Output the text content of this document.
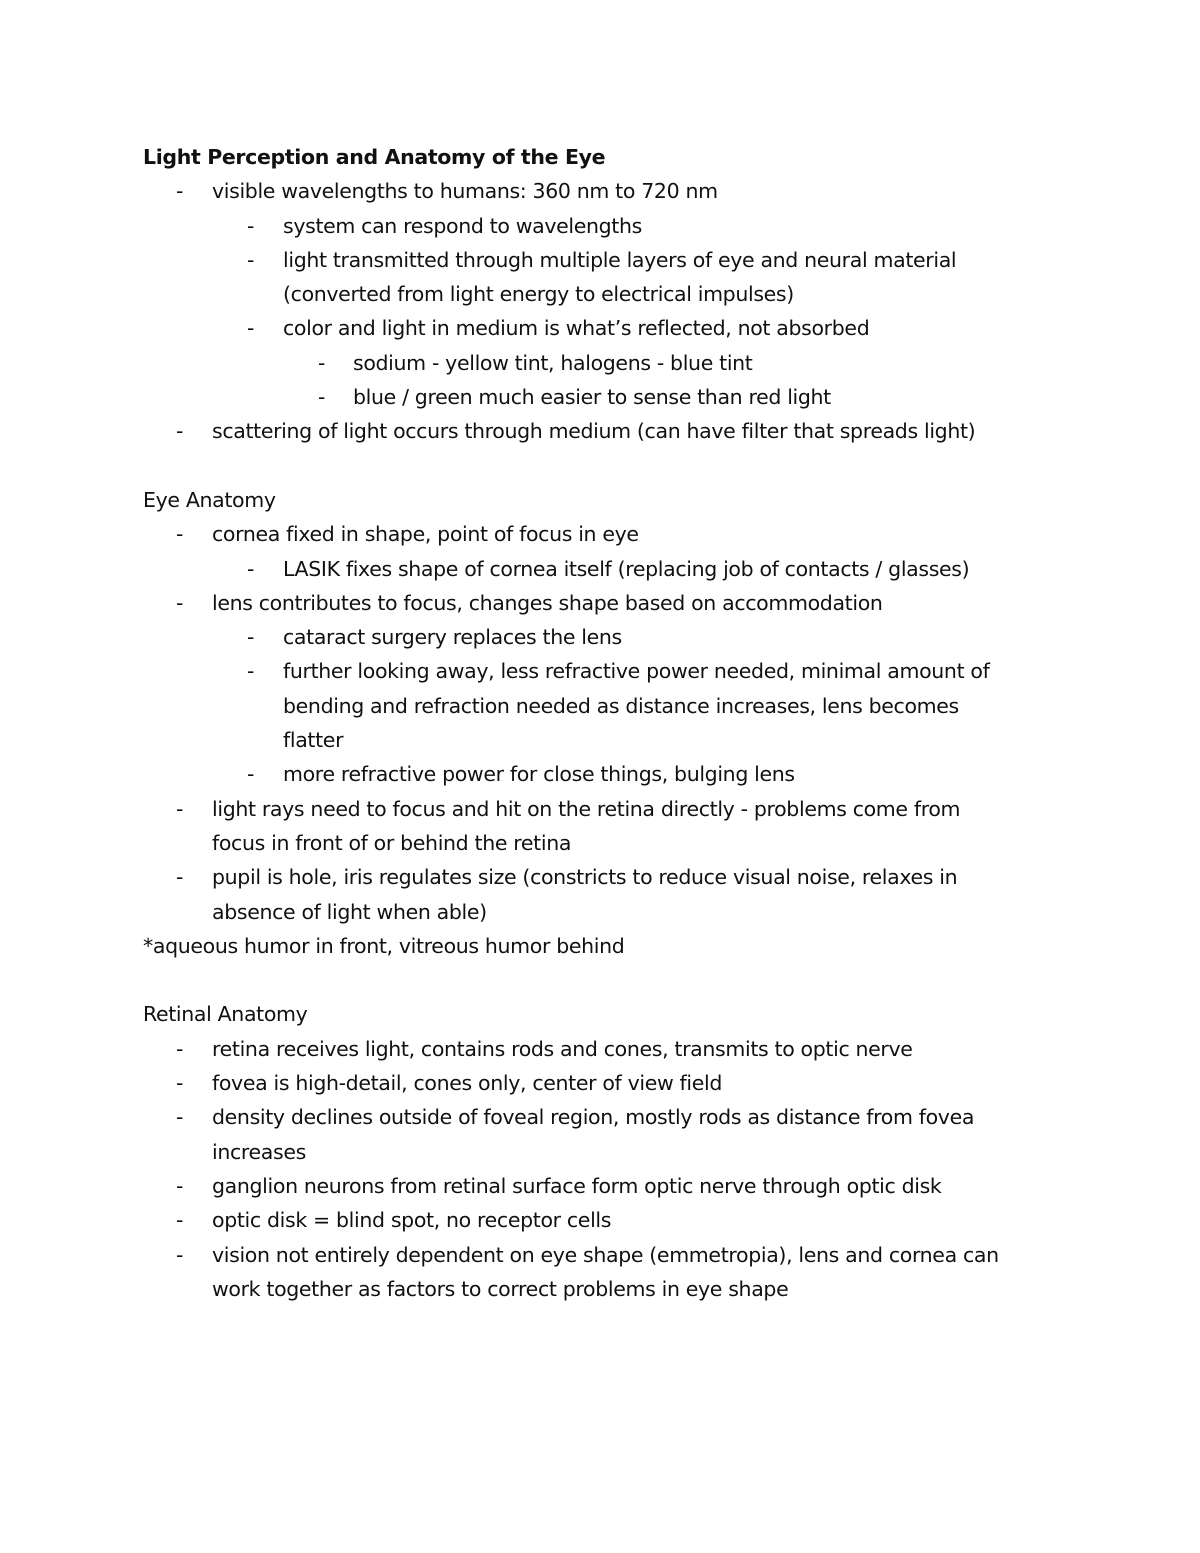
Light Perception and Anatomy of the Eye

- visible wavelengths to humans: 360 nm to 720 nm
- system can respond to wavelengths
- light transmitted through multiple layers of eye and neural material
(converted from light energy to electrical impulses)
- color and light in medium is what’s reflected, not absorbed
- sodium - yellow tint, halogens - blue tint
- blue / green much easier to sense than red light
- scattering of light occurs through medium (can have filter that spreads light)

Eye Anatomy

- cornea fixed in shape, point of focus in eye
- LASIK fixes shape of cornea itself (replacing job of contacts / glasses)
- lens contributes to focus, changes shape based on accommodation
- cataract surgery replaces the lens
- further looking away, less refractive power needed, minimal amount of
bending and refraction needed as distance increases, lens becomes
flatter
- more refractive power for close things, bulging lens
- light rays need to focus and hit on the retina directly - problems come from
focus in front of or behind the retina
- pupil is hole, iris regulates size (constricts to reduce visual noise, relaxes in
absence of light when able)

*aqueous humor in front, vitreous humor behind

Retinal Anatomy

- retina receives light, contains rods and cones, transmits to optic nerve
- fovea is high-detail, cones only, center of view field
- density declines outside of foveal region, mostly rods as distance from fovea
increases
- ganglion neurons from retinal surface form optic nerve through optic disk
- optic disk = blind spot, no receptor cells
- vision not entirely dependent on eye shape (emmetropia), lens and cornea can
work together as factors to correct problems in eye shape
